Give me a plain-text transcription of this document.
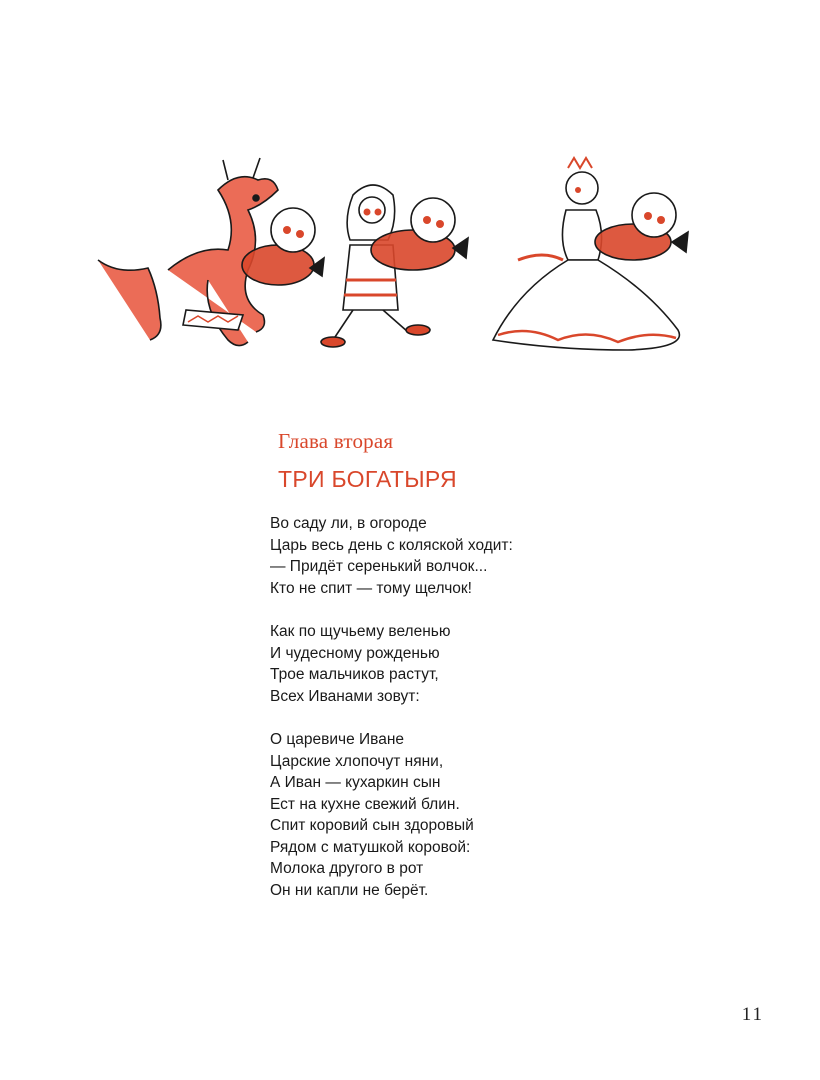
Глава вторая
ТРИ БОГАТЫРЯ
Во саду ли, в огороде
Царь весь день с коляской ходит:
— Придёт серенький волчок...
Кто не спит — тому щелчок!
Как по щучьему веленью
И чудесному рожденью
Трое мальчиков растут,
Всех Иванами зовут:
О царевиче Иване
Царские хлопочут няни,
А Иван — кухаркин сын
Ест на кухне свежий блин.
Спит коровий сын здоровый
Рядом с матушкой коровой:
Молока другого в рот
Он ни капли не берёт.
11
